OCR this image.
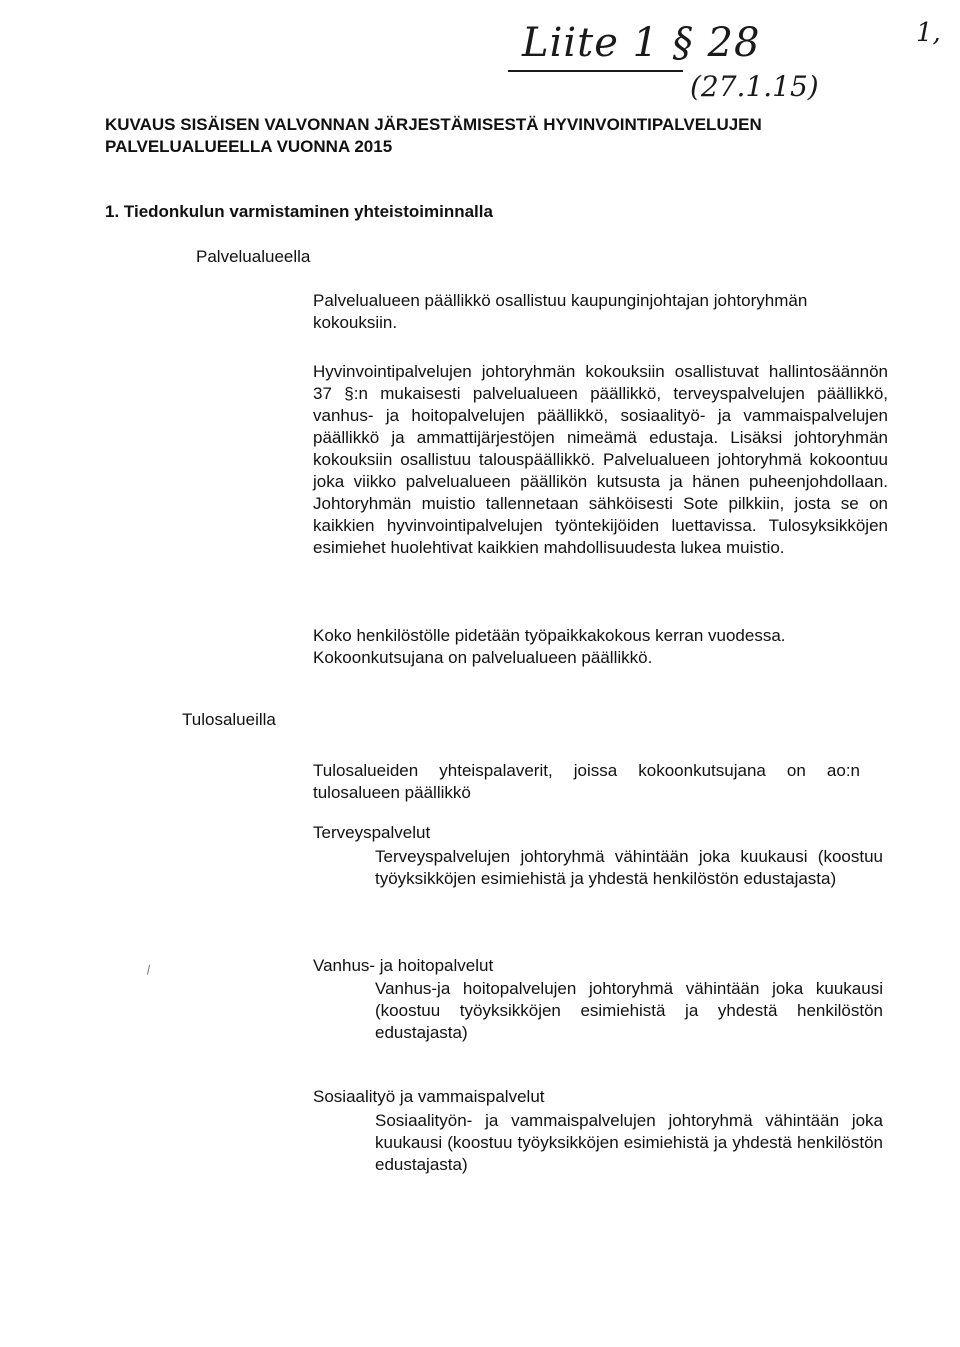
Liite 1 § 28
(27.1.15)
1,
KUVAUS SISÄISEN VALVONNAN JÄRJESTÄMISESTÄ HYVINVOINTIPALVELUJEN
PALVELUALUEELLA VUONNA 2015
1. Tiedonkulun varmistaminen yhteistoiminnalla
Palvelualueella
Palvelualueen päällikkö osallistuu kaupunginjohtajan johtoryhmän kokouksiin.
Hyvinvointipalvelujen johtoryhmän kokouksiin osallistuvat hallintosäännön 37 §:n mukaisesti palvelualueen päällikkö, terveyspalvelujen päällikkö, vanhus- ja hoitopalvelujen päällikkö, sosiaalityö- ja vammaispalvelujen päällikkö ja ammattijärjestöjen nimeämä edustaja. Lisäksi johtoryhmän kokouksiin osallistuu talouspäällikkö. Palvelualueen johtoryhmä kokoontuu joka viikko palvelualueen päällikön kutsusta ja hänen puheenjohdollaan. Johtoryhmän muistio tallennetaan sähköisesti Sote pilkkiin, josta se on kaikkien hyvinvointipalvelujen työntekijöiden luettavissa. Tulosyksikköjen esimiehet huolehtivat kaikkien mahdollisuudesta lukea muistio.
Koko henkilöstölle pidetään työpaikkakokous kerran vuodessa.
Kokoonkutsujana on palvelualueen päällikkö.
Tulosalueilla
Tulosalueiden yhteispalaverit, joissa kokoonkutsujana on ao:n tulosalueen päällikkö
Terveyspalvelut
Terveyspalvelujen johtoryhmä vähintään joka kuukausi (koostuu työyksikköjen esimiehistä ja yhdestä henkilöstön edustajasta)
Vanhus- ja hoitopalvelut
Vanhus-ja hoitopalvelujen johtoryhmä vähintään joka kuukausi (koostuu työyksikköjen esimiehistä ja yhdestä henkilöstön edustajasta)
Sosiaalityö ja vammaispalvelut
Sosiaalityön- ja vammaispalvelujen johtoryhmä vähintään joka kuukausi (koostuu työyksikköjen esimiehistä ja yhdestä henkilöstön edustajasta)
